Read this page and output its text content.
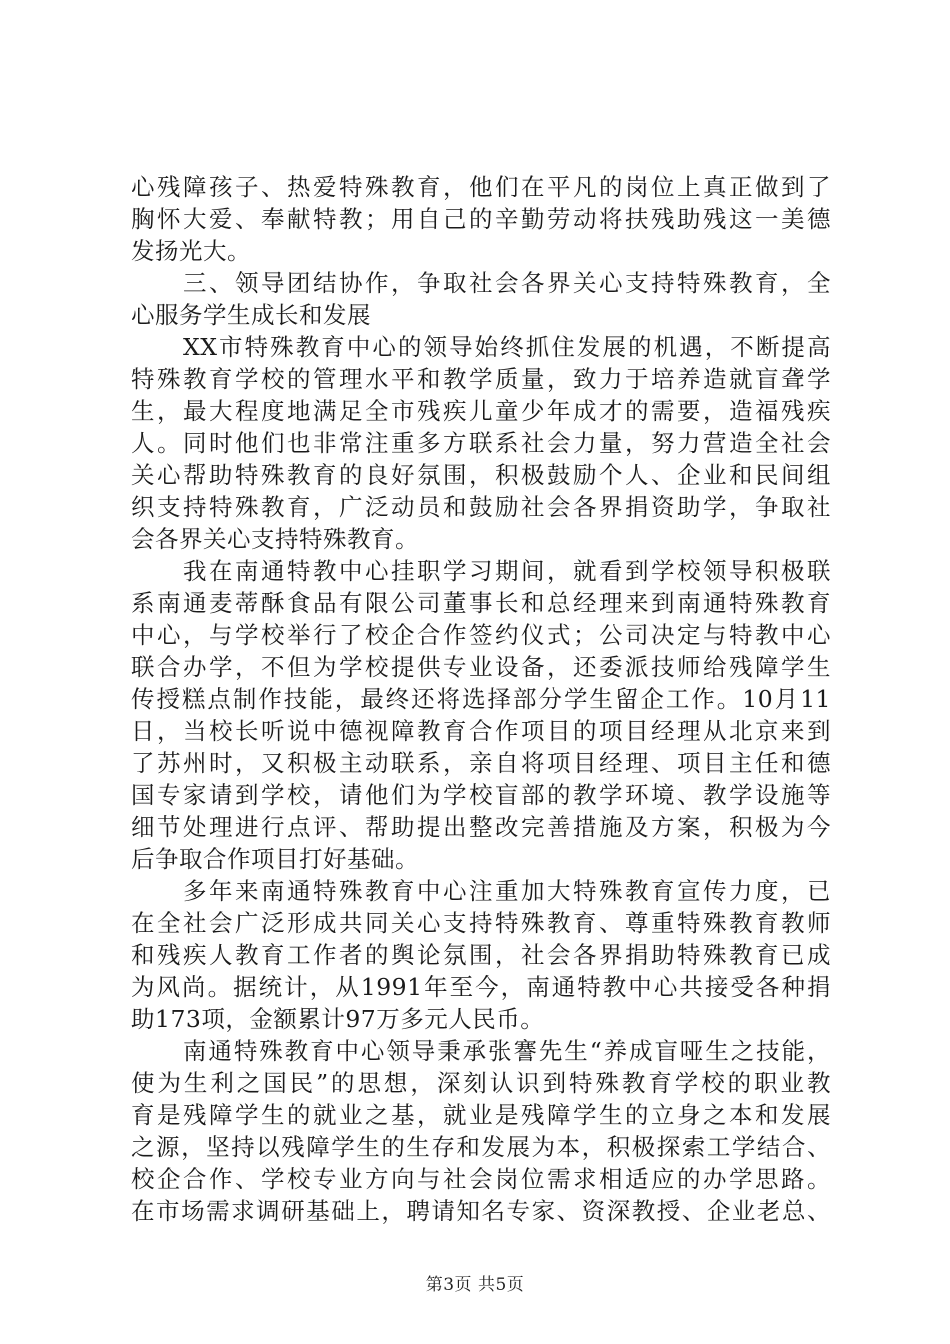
心残障孩子、热爱特殊教育，他们在平凡的岗位上真正做到了
胸怀大爱、奉献特教；用自己的辛勤劳动将扶残助残这一美德
发扬光大。
三、领导团结协作，争取社会各界关心支持特殊教育，全
心服务学生成长和发展
XX市特殊教育中心的领导始终抓住发展的机遇，不断提高
特殊教育学校的管理水平和教学质量，致力于培养造就盲聋学
生，最大程度地满足全市残疾儿童少年成才的需要，造福残疾
人。同时他们也非常注重多方联系社会力量，努力营造全社会
关心帮助特殊教育的良好氛围，积极鼓励个人、企业和民间组
织支持特殊教育，广泛动员和鼓励社会各界捐资助学，争取社
会各界关心支持特殊教育。
我在南通特教中心挂职学习期间，就看到学校领导积极联
系南通麦蒂酥食品有限公司董事长和总经理来到南通特殊教育
中心，与学校举行了校企合作签约仪式；公司决定与特教中心
联合办学，不但为学校提供专业设备，还委派技师给残障学生
传授糕点制作技能，最终还将选择部分学生留企工作。10月11
日，当校长听说中德视障教育合作项目的项目经理从北京来到
了苏州时，又积极主动联系，亲自将项目经理、项目主任和德
国专家请到学校，请他们为学校盲部的教学环境、教学设施等
细节处理进行点评、帮助提出整改完善措施及方案，积极为今
后争取合作项目打好基础。
多年来南通特殊教育中心注重加大特殊教育宣传力度，已
在全社会广泛形成共同关心支持特殊教育、尊重特殊教育教师
和残疾人教育工作者的舆论氛围，社会各界捐助特殊教育已成
为风尚。据统计，从1991年至今，南通特教中心共接受各种捐
助173项，金额累计97万多元人民币。
南通特殊教育中心领导秉承张謇先生“养成盲哑生之技能，
使为生利之国民”的思想，深刻认识到特殊教育学校的职业教
育是残障学生的就业之基，就业是残障学生的立身之本和发展
之源，坚持以残障学生的生存和发展为本，积极探索工学结合、
校企合作、学校专业方向与社会岗位需求相适应的办学思路。
在市场需求调研基础上，聘请知名专家、资深教授、企业老总、
第3页 共5页
